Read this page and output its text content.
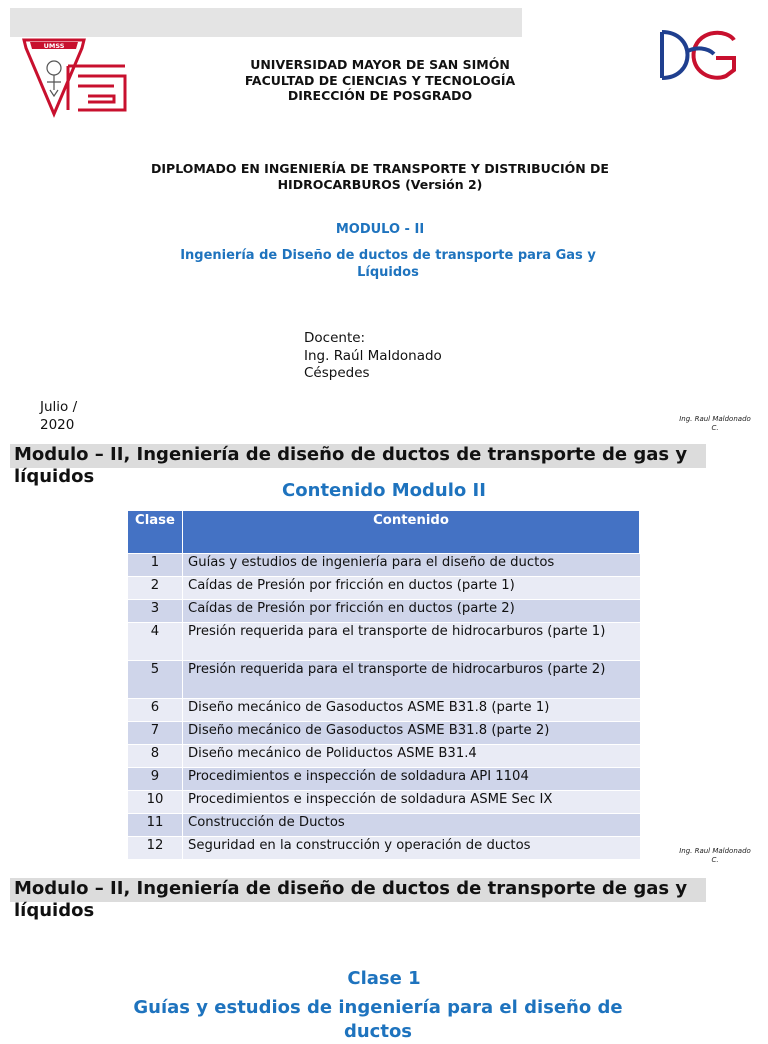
UMSS
UNIVERSIDAD MAYOR DE SAN SIMÓN
FACULTAD DE CIENCIAS Y TECNOLOGÍA
DIRECCIÓN DE POSGRADO
DIPLOMADO EN INGENIERÍA DE TRANSPORTE Y DISTRIBUCIÓN DE HIDROCARBUROS (Versión 2)
MODULO - II
Ingeniería de Diseño de ductos de transporte para Gas y Líquidos
Docente:
Ing. Raúl Maldonado
Céspedes
Julio /
2020	Ing. Raul Maldonado
C.
Modulo – II, Ingeniería de diseño de ductos de transporte de gas y líquidos
Contenido Modulo II
Clase	Contenido
1	Guías y estudios de ingeniería para el diseño de ductos
2	Caídas de Presión por fricción en ductos (parte 1)
3	Caídas de Presión por fricción en ductos (parte 2)
4	Presión requerida para el transporte de hidrocarburos (parte 1)
5	Presión requerida para el transporte de hidrocarburos (parte 2)
6	Diseño mecánico de Gasoductos ASME B31.8 (parte 1)
7	Diseño mecánico de Gasoductos ASME B31.8 (parte 2)
8	Diseño mecánico de Poliductos ASME B31.4
9	Procedimientos e inspección de soldadura API 1104
10	Procedimientos e inspección de soldadura ASME Sec IX
11	Construcción de Ductos
12	Seguridad en la construcción y operación de ductos	Ing. Raul Maldonado
C.
Modulo – II, Ingeniería de diseño de ductos de transporte de gas y líquidos
Clase 1
Guías y estudios de ingeniería para el diseño de ductos
